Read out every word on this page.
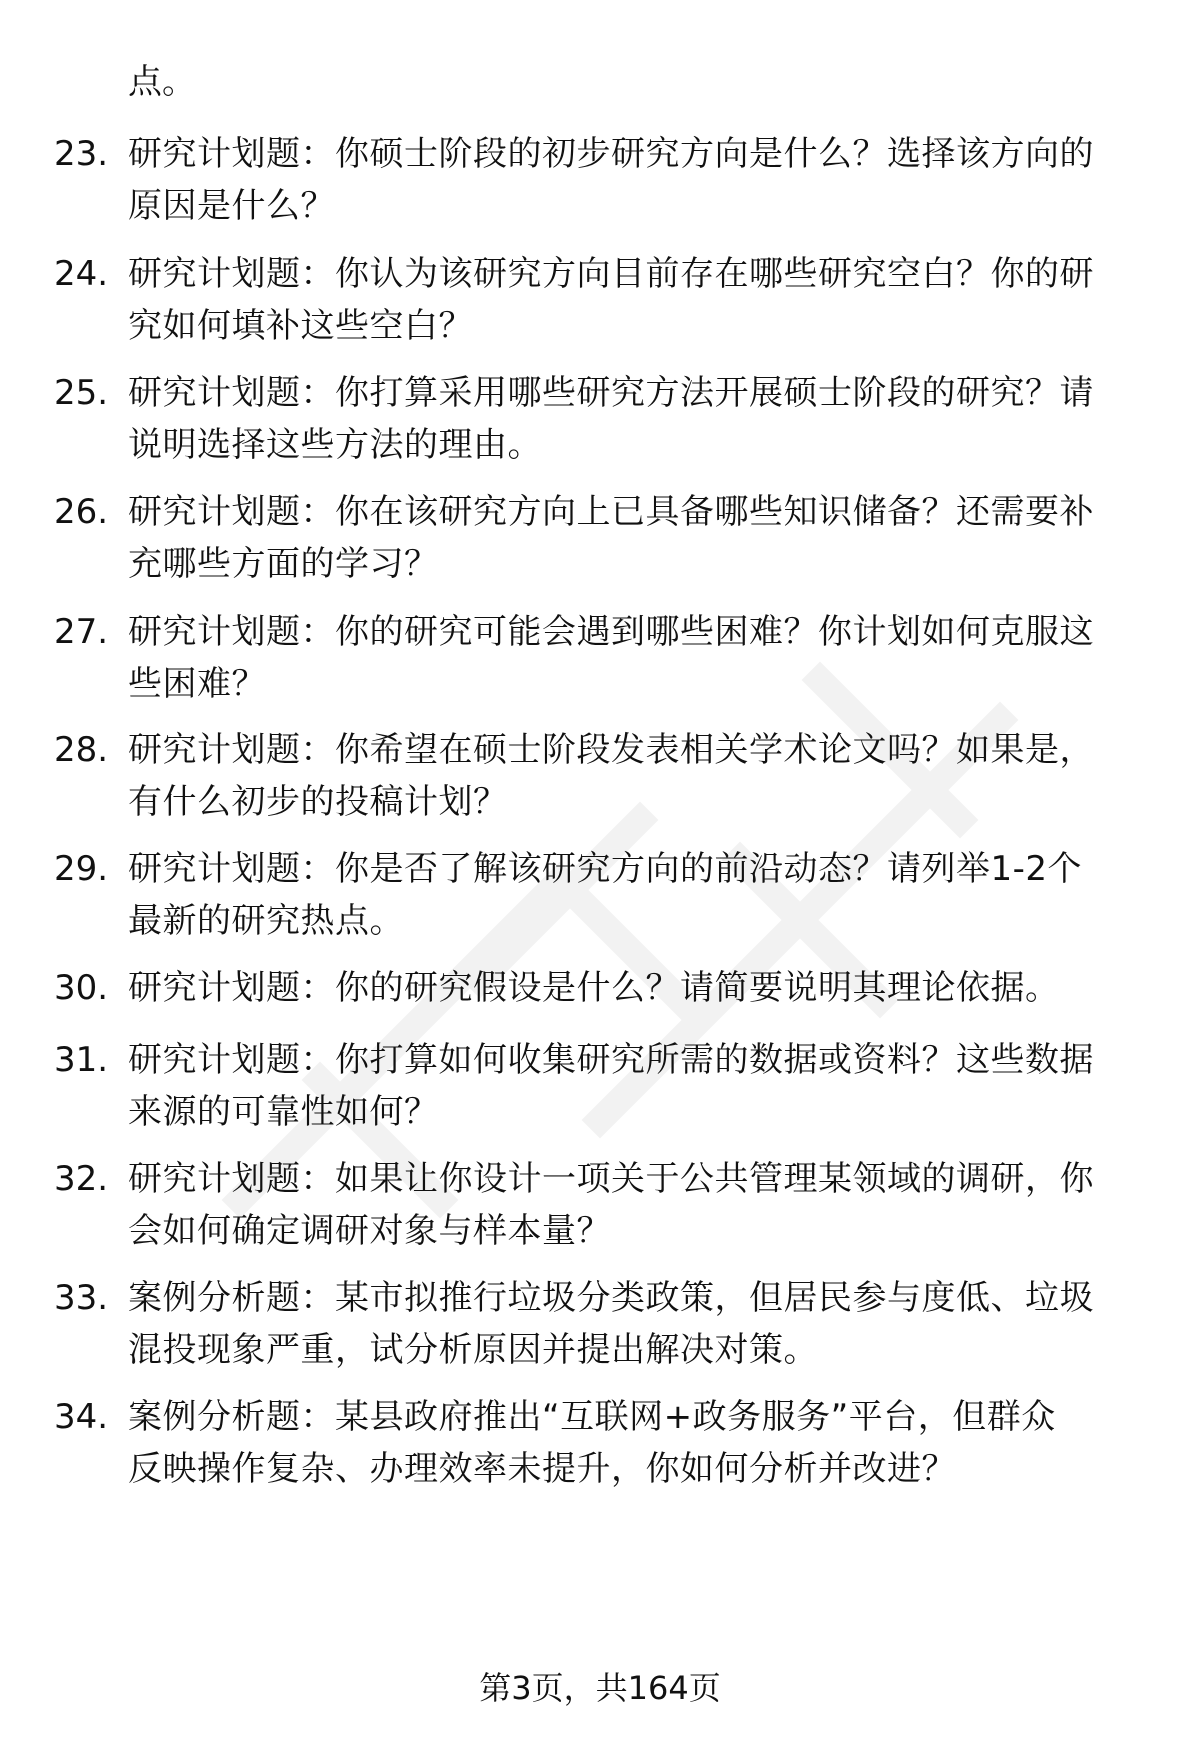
点。
23. 研究计划题：你硕士阶段的初步研究方向是什么？选择该方向的
原因是什么？
24. 研究计划题：你认为该研究方向目前存在哪些研究空白？你的研
究如何填补这些空白？
25. 研究计划题：你打算采用哪些研究方法开展硕士阶段的研究？请
说明选择这些方法的理由。
26. 研究计划题：你在该研究方向上已具备哪些知识储备？还需要补
充哪些方面的学习？
27. 研究计划题：你的研究可能会遇到哪些困难？你计划如何克服这
些困难？
28. 研究计划题：你希望在硕士阶段发表相关学术论文吗？如果是，
有什么初步的投稿计划？
29. 研究计划题：你是否了解该研究方向的前沿动态？请列举1-2个
最新的研究热点。
30. 研究计划题：你的研究假设是什么？请简要说明其理论依据。
31. 研究计划题：你打算如何收集研究所需的数据或资料？这些数据
来源的可靠性如何？
32. 研究计划题：如果让你设计一项关于公共管理某领域的调研，你
会如何确定调研对象与样本量？
33. 案例分析题：某市拟推行垃圾分类政策，但居民参与度低、垃圾
混投现象严重，试分析原因并提出解决对策。
34. 案例分析题：某县政府推出“互联网+政务服务”平台，但群众
反映操作复杂、办理效率未提升，你如何分析并改进？
第3页，共164页
